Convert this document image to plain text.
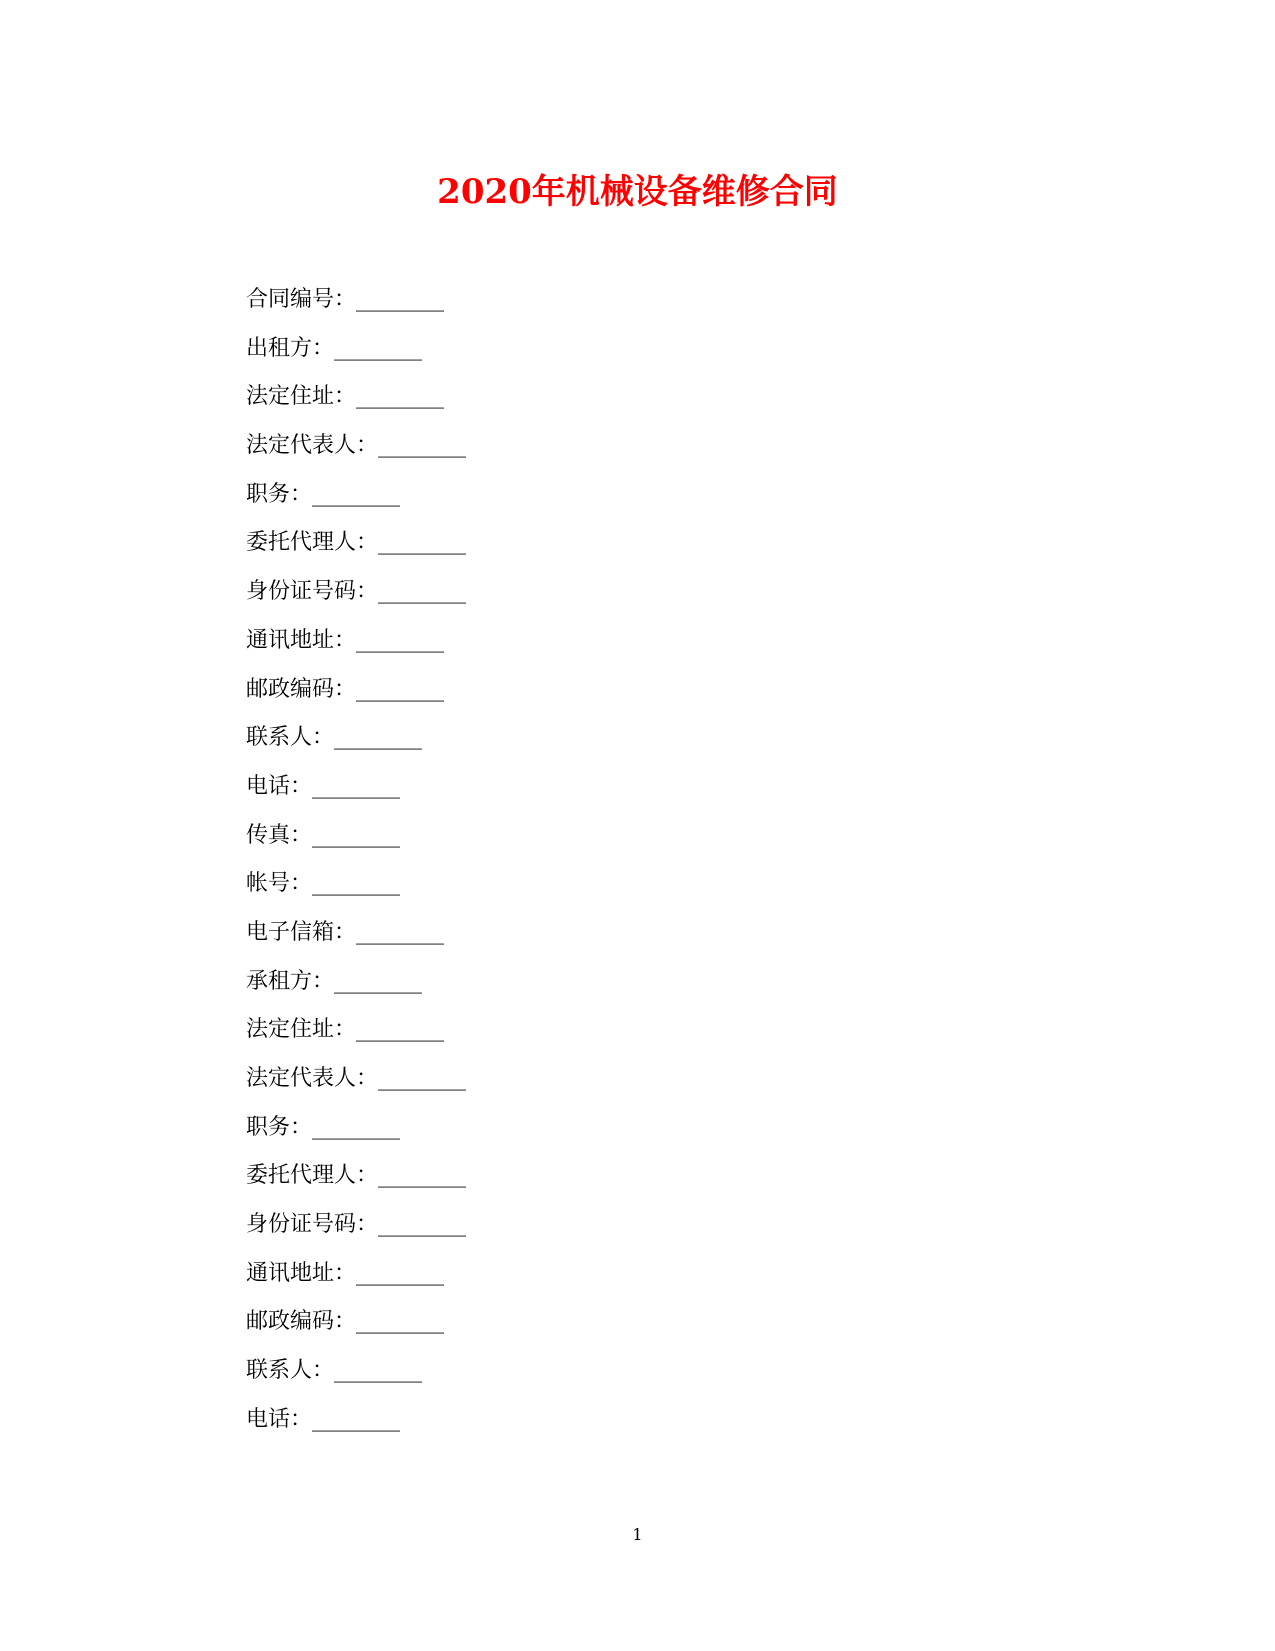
2020年机械设备维修合同
合同编号：________
出租方：________
法定住址：________
法定代表人：________
职务：________
委托代理人：________
身份证号码：________
通讯地址：________
邮政编码：________
联系人：________
电话：________
传真：________
帐号：________
电子信箱：________
承租方：________
法定住址：________
法定代表人：________
职务：________
委托代理人：________
身份证号码：________
通讯地址：________
邮政编码：________
联系人：________
电话：________
1
